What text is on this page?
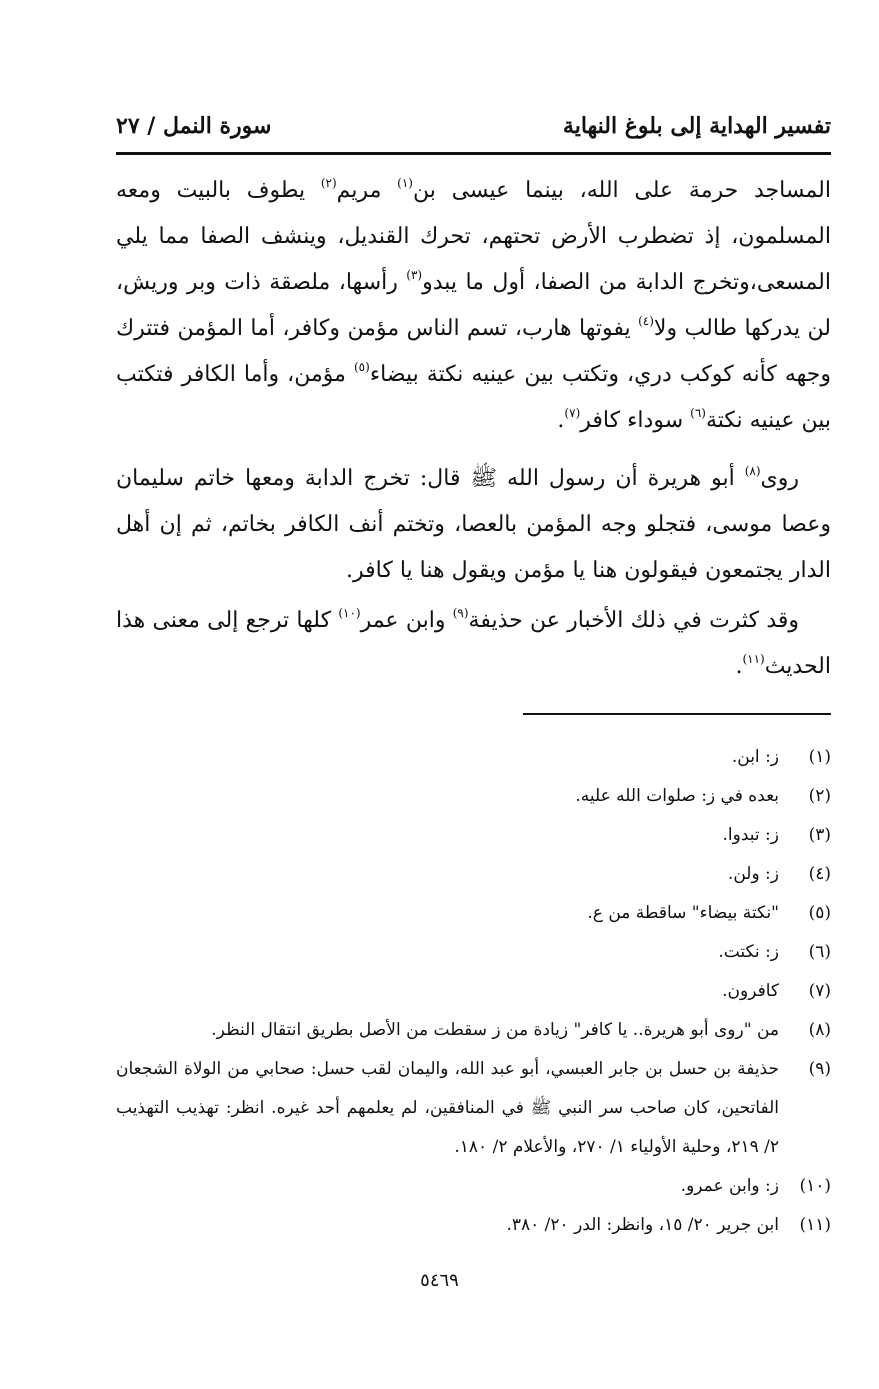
تفسير الهداية إلى بلوغ النهاية
سورة النمل / ٢٧

المساجد حرمة على الله، بينما عيسى بن$^{(١)}$ مريم$^{(٢)}$ يطوف بالبيت ومعه المسلمون، إذ تضطرب الأرض تحتهم، تحرك القنديل، وينشف الصفا مما يلي المسعى،وتخرج الدابة من الصفا، أول ما يبدو$^{(٣)}$ رأسها، ملصقة ذات وبر وريش، لن يدركها طالب ولا$^{(٤)}$ يفوتها هارب، تسم الناس مؤمن وكافر، أما المؤمن فتترك وجهه كأنه كوكب دري، وتكتب بين عينيه نكتة بيضاء$^{(٥)}$ مؤمن، وأما الكافر فتكتب بين عينيه نكتة$^{(٦)}$ سوداء كافر$^{(٧)}$.

روى$^{(٨)}$ أبو هريرة أن رسول الله ﷺ قال: تخرج الدابة ومعها خاتم سليمان وعصا موسى، فتجلو وجه المؤمن بالعصا، وتختم أنف الكافر بخاتم، ثم إن أهل الدار يجتمعون فيقولون هنا يا مؤمن ويقول هنا يا كافر.

وقد كثرت في ذلك الأخبار عن حذيفة$^{(٩)}$ وابن عمر$^{(١٠)}$ كلها ترجع إلى معنى هذا الحديث$^{(١١)}$.

(١)
ز: ابن.
(٢)
بعده في ز: صلوات الله عليه.
(٣)
ز: تبدوا.
(٤)
ز: ولن.
(٥)
"نكتة بيضاء" ساقطة من ع.
(٦)
ز: نكتت.
(٧)
كافرون.
(٨)
من "روى أبو هريرة.. يا كافر" زيادة من ز سقطت من الأصل بطريق انتقال النظر.
(٩)
حذيفة بن حسل بن جابر العبسي، أبو عبد الله، واليمان لقب حسل: صحابي من الولاة الشجعان الفاتحين، كان صاحب سر النبي ﷺ في المنافقين، لم يعلمهم أحد غيره. انظر: تهذيب التهذيب ٢/ ٢١٩، وحلية الأولياء ١/ ٢٧٠، والأعلام ٢/ ١٨٠.
(١٠)
ز: وابن عمرو.
(١١)
ابن جرير ٢٠/ ١٥، وانظر: الدر ٢٠/ ٣٨٠.
٥٤٦٩
